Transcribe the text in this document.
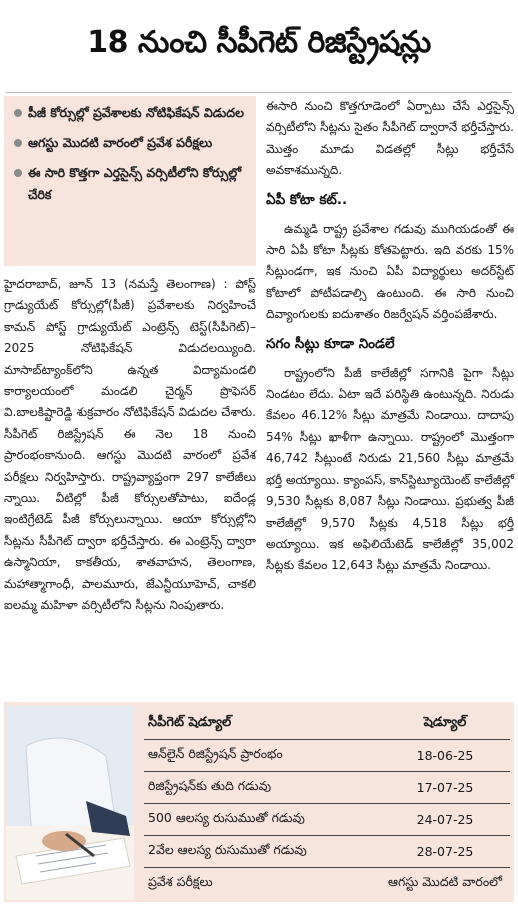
18 నుంచి సీపీగెట్ రిజిస్ట్రేషన్లు
పీజీ కోర్సుల్లో ప్రవేశాలకు నోటిఫికేషన్ విడుదల
ఆగస్టు మొదటి వారంలో ప్రవేశ పరీక్షలు
ఈ సారి కొత్తగా ఎర్తసైన్స్ వర్సిటీలోని కోర్సుల్లో చేరిక

హైదరాబాద్, జూన్ 13 (నమస్తే తెలంగాణ) : పోస్ట్ గ్రాడ్యుయేట్ కోర్సుల్లో(పీజీ) ప్రవేశాలకు నిర్వహించే కామన్ పోస్ట్ గ్రాడ్యుయేట్ ఎంట్రెన్స్ టెస్ట్(సీపీగెట్)–2025 నోటిఫికేషన్ విడుదలయ్యింది. మాసాబ్‌ట్యాంక్‌లోని ఉన్నత విద్యామండలి కార్యాలయంలో మండలి చైర్మన్ ప్రొఫెసర్ వి.బాలకిష్టారెడ్డి శుక్రవారం నోటిఫికేషన్ విడుదల చేశారు. సీపీగెట్ రిజిస్ట్రేషన్ ఈ నెల 18 నుంచి ప్రారంభంకానుంది. ఆగస్టు మొదటి వారంలో ప్రవేశ పరీక్షలు నిర్వహిస్తారు. రాష్ట్రవ్యాప్తంగా 297 కాలేజీలు న్నాయి. వీటిల్లో పీజీ కోర్సులతోపాటు, ఐదేండ్ల ఇంటిగ్రేటెడ్ పీజీ కోర్సులున్నాయి. ఆయా కోర్సుల్లోని సీట్లను సీపీగెట్ ద్వారా భర్తీచేస్తారు. ఈ ఎంట్రెన్స్ ద్వారా ఉస్మానియా, కాకతీయ, శాతవాహన, తెలంగాణ, మహాత్మాగాంధీ, పాలమూరు, జేఎన్టీయూహెచ్, చాకలి ఐలమ్మ మహిళా వర్సిటీలోని సీట్లను నింపుతారు.

ఈసారి నుంచి కొత్తగూడెంలో ఏర్పాటు చేసే ఎర్తసైన్స్ వర్సిటీలోని సీట్లను సైతం సీపీగెట్ ద్వారానే భర్తీచేస్తారు. మొత్తం మూడు విడతల్లో సీట్లు భర్తీచేసే అవకాశమున్నది.

ఏపీ కోటా కట్..

ఉమ్మడి రాష్ట్ర ప్రవేశాల గడువు ముగియడంతో ఈ సారి ఏపీ కోటా సీట్లకు కోతపెట్టారు. ఇది వరకు 15% సీట్లుండగా, ఇక నుంచి ఏపీ విద్యార్థులు అదర్‌స్టేట్ కోటాలో పోటీపడాల్సి ఉంటుంది. ఈ సారి నుంచి దివ్యాంగులకు ఐదుశాతం రిజర్వేషన్ వర్తింపజేశారు.

సగం సీట్లు కూడా నిండలే

రాష్ట్రంలోని పీజీ కాలేజీల్లో సగానికి పైగా సీట్లు నిండటం లేదు. ఏటా ఇదే పరిస్థితి ఉంటున్నది. నిరుడు కేవలం 46.12% సీట్లు మాత్రమే నిండాయి. దాదాపు 54% సీట్లు ఖాళీగా ఉన్నాయి. రాష్ట్రంలో మొత్తంగా 46,742 సీట్లుంటే నిరుడు 21,560 సీట్లు మాత్రమే భర్తీ అయ్యాయి. క్యాంపస్, కాన్‌స్టిట్యూయెంట్ కాలేజీల్లో 9,530 సీట్లకు 8,087 సీట్లు నిండాయి. ప్రభుత్వ పీజీ కాలేజీల్లో 9,570 సీట్లకు 4,518 సీట్లు భర్తీ అయ్యాయి. ఇక అఫిలియేటెడ్ కాలేజీల్లో 35,002 సీట్లకు కేవలం 12,643 సీట్లు మాత్రమే నిండాయి.

సీపీగెట్ షెడ్యూల్	షెడ్యూల్
ఆన్‌లైన్ రిజిస్ట్రేషన్ ప్రారంభం	18-06-25
రిజిస్ట్రేషన్‌కు తుది గడువు	17-07-25
500 ఆలస్య రుసుముతో గడువు	24-07-25
2వేల ఆలస్య రుసుముతో గడువు	28-07-25
ప్రవేశ పరీక్షలు	ఆగస్టు మొదటి వారంలో
